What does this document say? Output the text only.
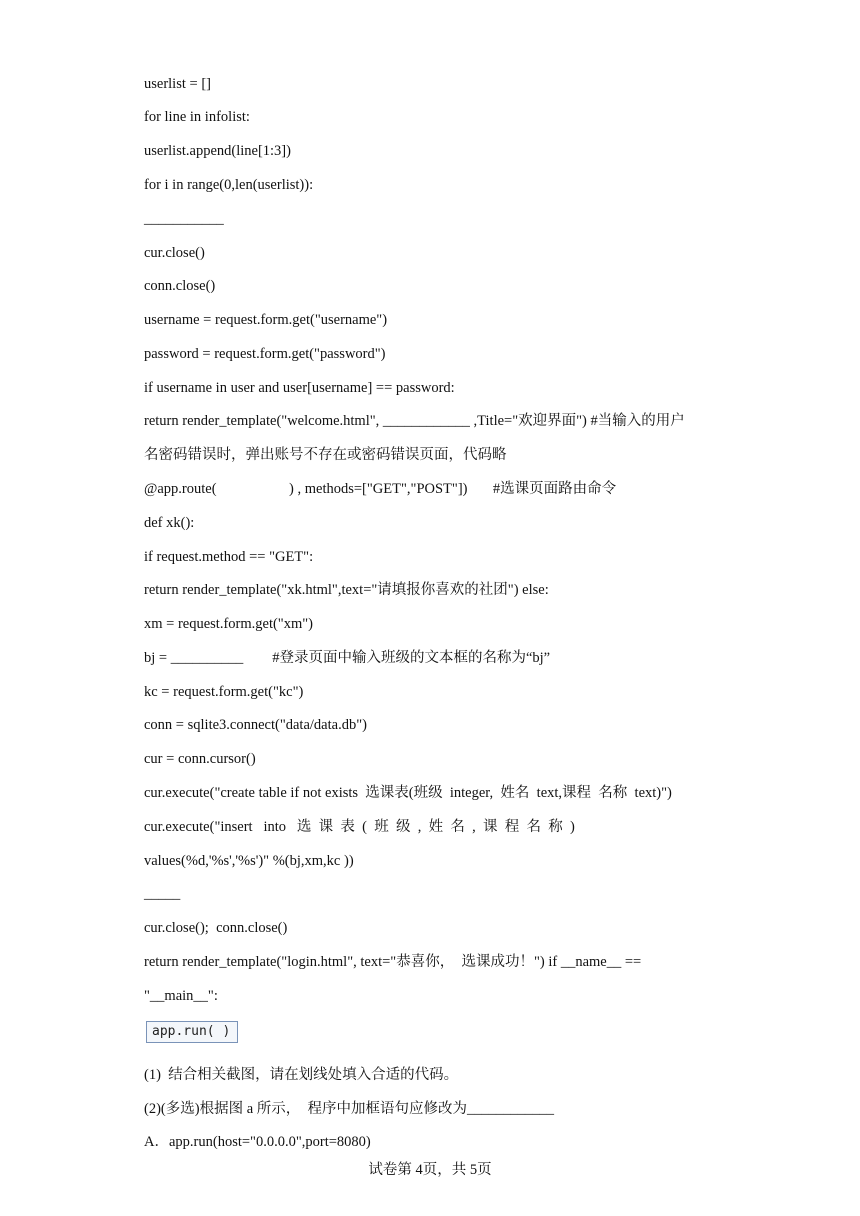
userlist = []
for line in infolist:
userlist.append(line[1:3])
for i in range(0,len(userlist)):
___________
cur.close()
conn.close()
username = request.form.get("username")
password = request.form.get("password")
if username in user and user[username] == password:
return render_template("welcome.html", ____________ ,Title="欢迎界面") #当输入的用户
名密码错误时，弹出账号不存在或密码错误页面，代码略
@app.route(                    ) , methods=["GET","POST"])       #选课页面路由命令
def xk():
if request.method == "GET":
return render_template("xk.html",text="请填报你喜欢的社团") else:
xm = request.form.get("xm")
bj = __________        #登录页面中输入班级的文本框的名称为“bj”
kc = request.form.get("kc")
conn = sqlite3.connect("data/data.db")
cur = conn.cursor()
cur.execute("create table if not exists  选课表(班级  integer,  姓名  text,课程  名称  text)")
cur.execute("insert   into   选  课  表  (  班  级  ,  姓  名  ,  课  程  名  称  )
values(%d,'%s','%s')" %(bj,xm,kc ))
_____
cur.close();  conn.close()
return render_template("login.html", text="恭喜你，  选课成功！") if __name__ ==
"__main__":
app.run( )
(1)  结合相关截图，请在划线处填入合适的代码。
(2)(多选)根据图 a 所示，  程序中加框语句应修改为____________
A．app.run(host="0.0.0.0",port=8080)
试卷第 4页，共 5页
